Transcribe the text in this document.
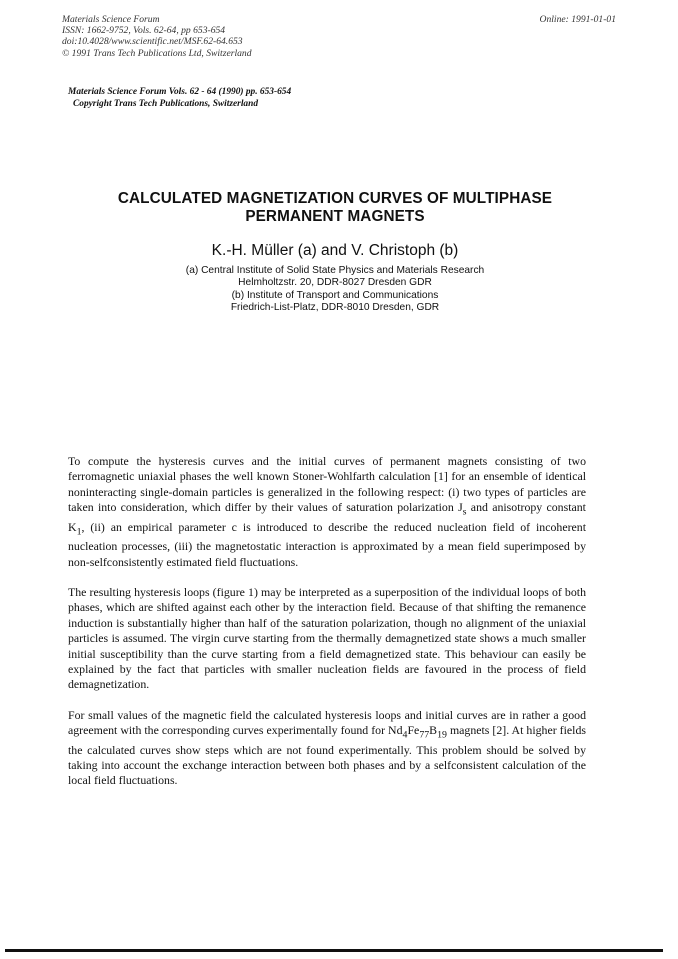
Materials Science Forum
ISSN: 1662-9752, Vols. 62-64, pp 653-654
doi:10.4028/www.scientific.net/MSF.62-64.653
© 1991 Trans Tech Publications Ltd, Switzerland
Online: 1991-01-01
Materials Science Forum Vols. 62 - 64 (1990) pp. 653-654
Copyright Trans Tech Publications, Switzerland
CALCULATED MAGNETIZATION CURVES OF MULTIPHASE
PERMANENT MAGNETS
K.-H. Müller (a) and V. Christoph (b)
(a) Central Institute of Solid State Physics and Materials Research
Helmholtzstr. 20, DDR-8027 Dresden GDR
(b) Institute of Transport and Communications
Friedrich-List-Platz, DDR-8010 Dresden, GDR

To compute the hysteresis curves and the initial curves of permanent magnets consisting of two ferromagnetic uniaxial phases the well known Stoner-Wohlfarth calculation [1] for an ensemble of identical noninteracting single-domain particles is generalized in the following respect: (i) two types of particles are taken into consideration, which differ by their values of saturation polarization $J_s$ and anisotropy constant $K_1$, (ii) an empirical parameter c is introduced to describe the reduced nucleation field of incoherent nucleation processes, (iii) the magnetostatic interaction is approximated by a mean field superimposed by non-selfconsistently estimated field fluctuations.

The resulting hysteresis loops (figure 1) may be interpreted as a superposition of the individual loops of both phases, which are shifted against each other by the interaction field. Because of that shifting the remanence induction is substantially higher than half of the saturation polarization, though no alignment of the uniaxial particles is assumed. The virgin curve starting from the thermally demagnetized state shows a much smaller initial susceptibility than the curve starting from a field demagnetized state. This behaviour can easily be explained by the fact that particles with smaller nucleation fields are favoured in the process of field demagnetization.

For small values of the magnetic field the calculated hysteresis loops and initial curves are in rather a good agreement with the corresponding curves experimentally found for $Nd_4Fe_{77}B_{19}$ magnets [2]. At higher fields the calculated curves show steps which are not found experimentally. This problem should be solved by taking into account the exchange interaction between both phases and by a selfconsistent calculation of the local field fluctuations.
